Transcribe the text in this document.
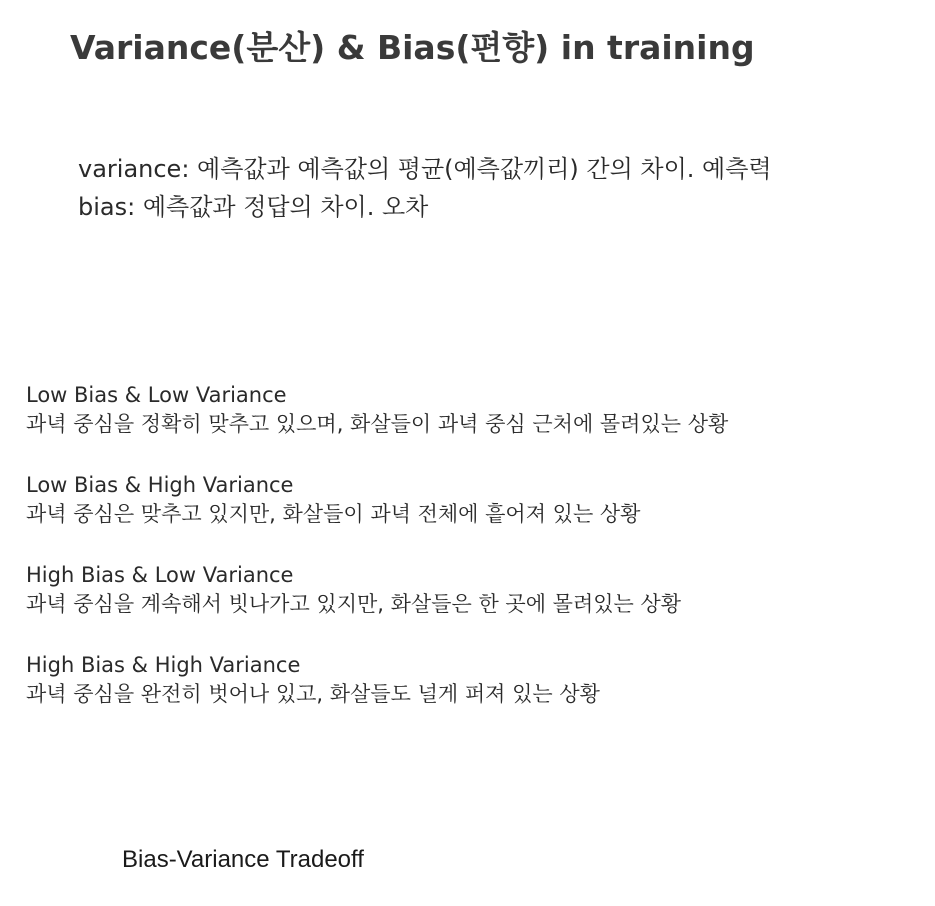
Variance(분산) & Bias(편향) in training
variance: 예측값과 예측값의 평균(예측값끼리) 간의 차이. 예측력
bias: 예측값과 정답의 차이. 오차
Low Bias & Low Variance
과녁 중심을 정확히 맞추고 있으며, 화살들이 과녁 중심 근처에 몰려있는 상황
Low Bias & High Variance
과녁 중심은 맞추고 있지만, 화살들이 과녁 전체에 흩어져 있는 상황
High Bias & Low Variance
과녁 중심을 계속해서 빗나가고 있지만, 화살들은 한 곳에 몰려있는 상황
High Bias & High Variance
과녁 중심을 완전히 벗어나 있고, 화살들도 널게 퍼져 있는 상황
Bias-Variance Tradeoff
